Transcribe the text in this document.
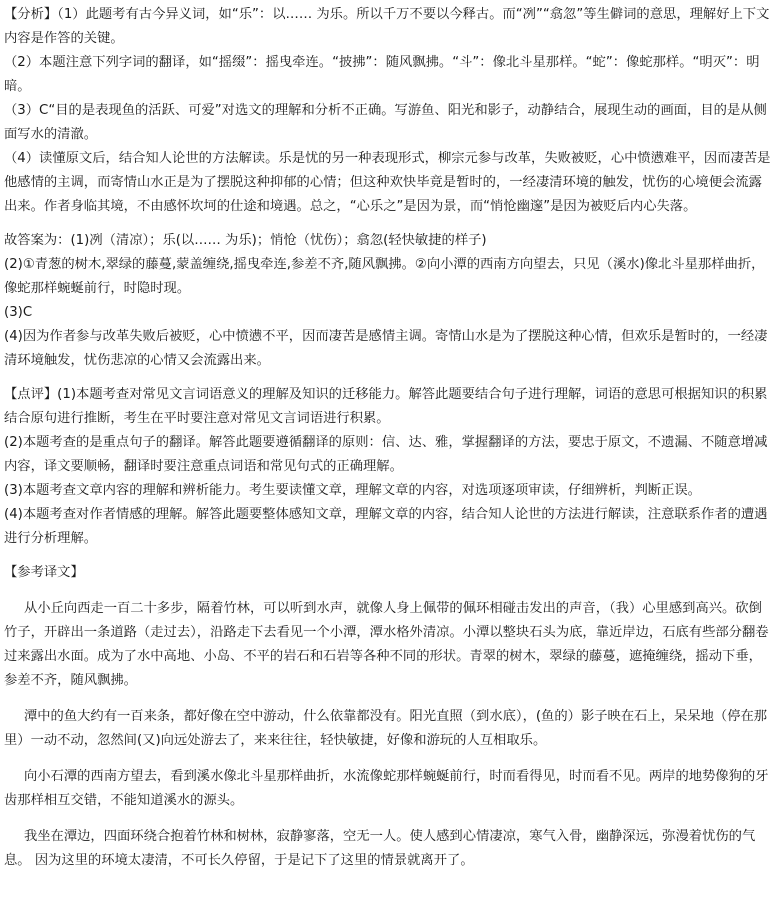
【分析】（1）此题考有古今异义词，如“乐”：以…… 为乐。所以千万不要以今释古。而“冽”“翕忽”等生僻词的意思，理解好上下文内容是作答的关键。

（2）本题注意下列字词的翻译，如“摇缀”：摇曳牵连。“披拂”：随风飘拂。“斗”：像北斗星那样。“蛇”：像蛇那样。“明灭”：明暗。

（3）C“目的是表现鱼的活跃、可爱”对选文的理解和分析不正确。写游鱼、阳光和影子，动静结合，展现生动的画面，目的是从侧面写水的清澈。

（4）读懂原文后，结合知人论世的方法解读。乐是忧的另一种表现形式，柳宗元参与改革，失败被贬，心中愤懑难平，因而凄苦是他感情的主调，而寄情山水正是为了摆脱这种抑郁的心情；但这种欢快毕竟是暂时的，一经凄清环境的触发，忧伤的心境便会流露出来。作者身临其境，不由感怀坎坷的仕途和境遇。总之，“心乐之”是因为景，而“悄怆幽邃”是因为被贬后内心失落。

故答案为：(1)冽（清凉）；乐(以…… 为乐)；悄怆（忧伤）；翕忽(轻快敏捷的样子)

(2)①青葱的树木,翠绿的藤蔓,蒙盖缠绕,摇曳牵连,参差不齐,随风飘拂。②向小潭的西南方向望去，只见（溪水)像北斗星那样曲折，像蛇那样蜿蜒前行，时隐时现。

(3)C

(4)因为作者参与改革失败后被贬，心中愤懑不平，因而凄苦是感情主调。寄情山水是为了摆脱这种心情，但欢乐是暂时的，一经凄清环境触发，忧伤悲凉的心情又会流露出来。

【点评】(1)本题考查对常见文言词语意义的理解及知识的迁移能力。解答此题要结合句子进行理解，词语的意思可根据知识的积累结合原句进行推断，考生在平时要注意对常见文言词语进行积累。

(2)本题考查的是重点句子的翻译。解答此题要遵循翻译的原则：信、达、雅，掌握翻译的方法，要忠于原文，不遗漏、不随意增减内容，译文要顺畅，翻译时要注意重点词语和常见句式的正确理解。

(3)本题考查文章内容的理解和辨析能力。考生要读懂文章，理解文章的内容，对选项逐项审读，仔细辨析，判断正误。

(4)本题考查对作者情感的理解。解答此题要整体感知文章，理解文章的内容，结合知人论世的方法进行解读，注意联系作者的遭遇进行分析理解。

【参考译文】

从小丘向西走一百二十多步，隔着竹林，可以听到水声，就像人身上佩带的佩环相碰击发出的声音，（我）心里感到高兴。砍倒竹子，开辟出一条道路（走过去），沿路走下去看见一个小潭，潭水格外清凉。小潭以整块石头为底，靠近岸边，石底有些部分翻卷过来露出水面。成为了水中高地、小岛、不平的岩石和石岩等各种不同的形状。青翠的树木，翠绿的藤蔓，遮掩缠绕，摇动下垂，参差不齐，随风飘拂。

潭中的鱼大约有一百来条，都好像在空中游动，什么依靠都没有。阳光直照（到水底），(鱼的）影子映在石上，呆呆地（停在那里）一动不动，忽然间(又)向远处游去了，来来往往，轻快敏捷，好像和游玩的人互相取乐。

向小石潭的西南方望去，看到溪水像北斗星那样曲折，水流像蛇那样蜿蜒前行，时而看得见，时而看不见。两岸的地势像狗的牙齿那样相互交错，不能知道溪水的源头。

我坐在潭边，四面环绕合抱着竹林和树林，寂静寥落，空无一人。使人感到心情凄凉，寒气入骨，幽静深远，弥漫着忧伤的气息。 因为这里的环境太凄清，不可长久停留，于是记下了这里的情景就离开了。
